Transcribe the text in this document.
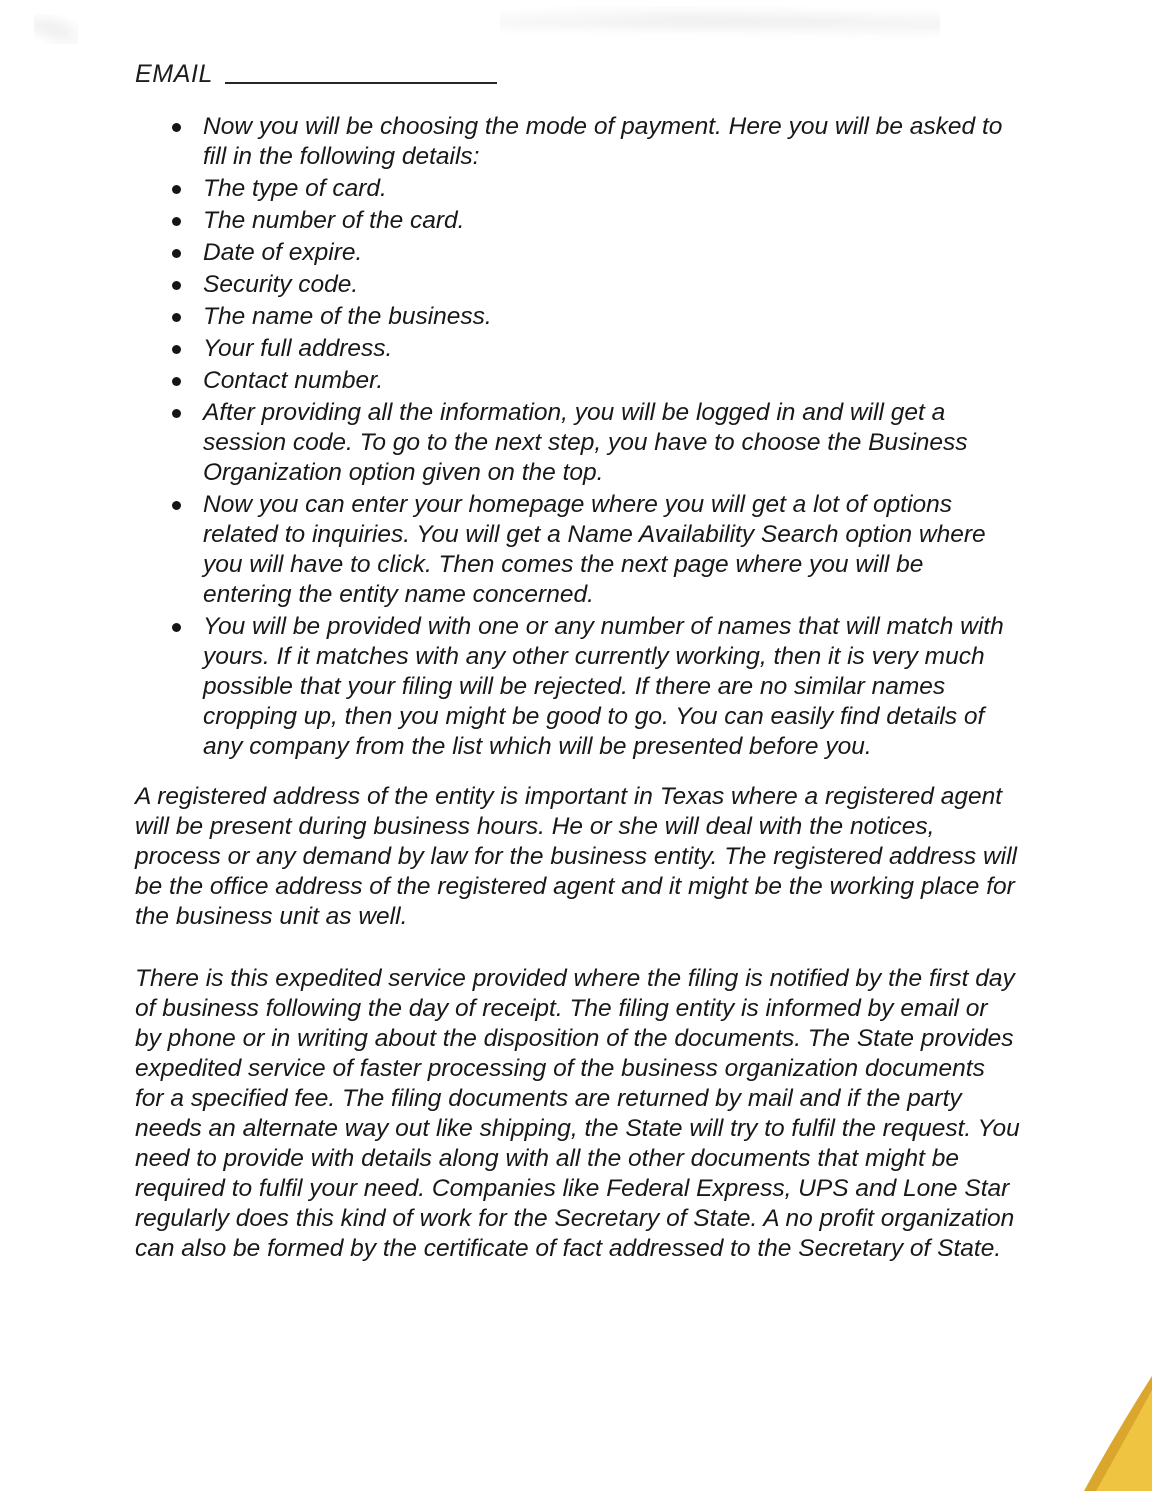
EMAIL
Now you will be choosing the mode of payment. Here you will be asked to fill in the following details:
The type of card.
The number of the card.
Date of expire.
Security code.
The name of the business.
Your full address.
Contact number.
After providing all the information, you will be logged in and will get a session code. To go to the next step, you have to choose the Business Organization option given on the top.
Now you can enter your homepage where you will get a lot of options related to inquiries. You will get a Name Availability Search option where you will have to click. Then comes the next page where you will be entering the entity name concerned.
You will be provided with one or any number of names that will match with yours. If it matches with any other currently working, then it is very much possible that your filing will be rejected. If there are no similar names cropping up, then you might be good to go. You can easily find details of any company from the list which will be presented before you.

A registered address of the entity is important in Texas where a registered agent will be present during business hours. He or she will deal with the notices, process or any demand by law for the business entity. The registered address will be the office address of the registered agent and it might be the working place for the business unit as well.

There is this expedited service provided where the filing is notified by the first day of business following the day of receipt. The filing entity is informed by email or by phone or in writing about the disposition of the documents. The State provides expedited service of faster processing of the business organization documents for a specified fee. The filing documents are returned by mail and if the party needs an alternate way out like shipping, the State will try to fulfil the request. You need to provide with details along with all the other documents that might be required to fulfil your need. Companies like Federal Express, UPS and Lone Star regularly does this kind of work for the Secretary of State. A no profit organization can also be formed by the certificate of fact addressed to the Secretary of State.
